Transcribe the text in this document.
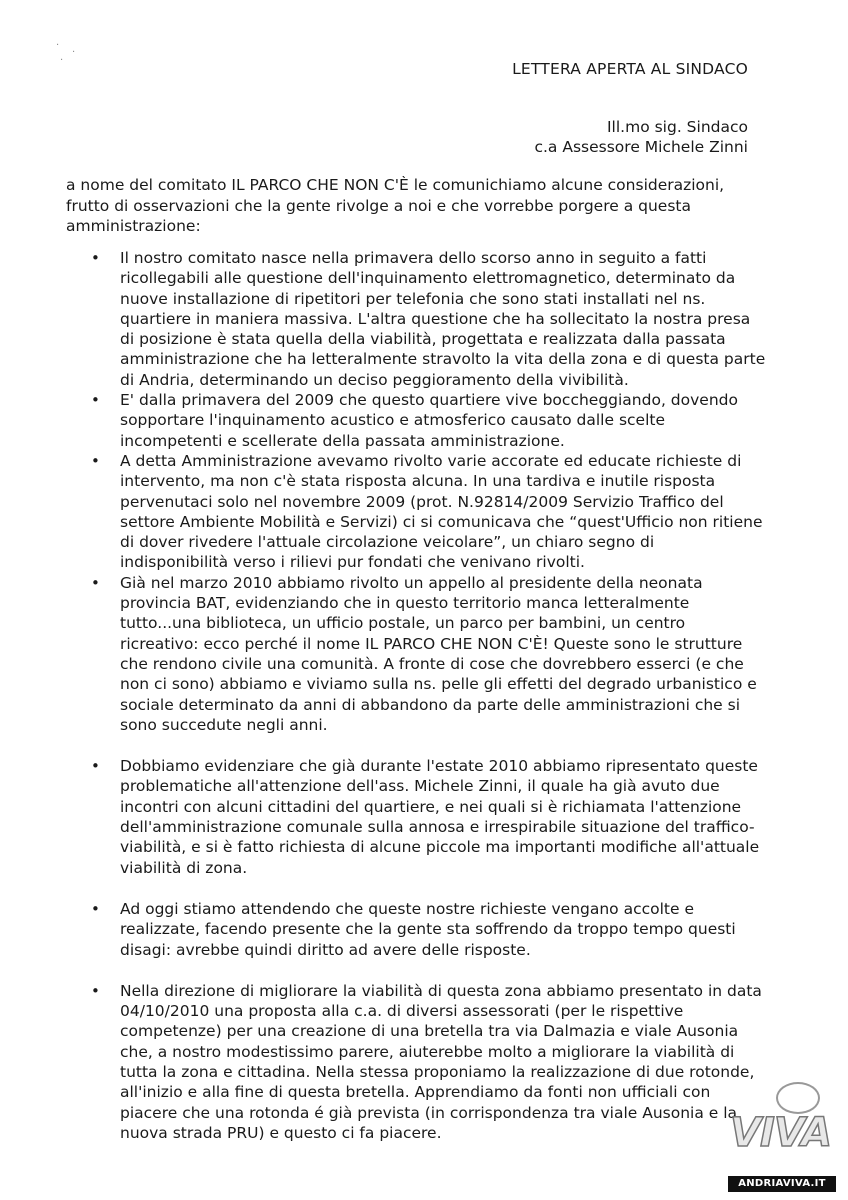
·
·
·	LETTERA APERTA AL SINDACO
Ill.mo sig. Sindaco
c.a Assessore Michele Zinni
a nome del comitato IL PARCO CHE NON C'È le comunichiamo alcune considerazioni, frutto di osservazioni che la gente rivolge a noi e che vorrebbe porgere a questa amministrazione:
• Il nostro comitato nasce nella primavera dello scorso anno in seguito a fatti ricollegabili alle questione dell'inquinamento elettromagnetico, determinato da nuove installazione di ripetitori per telefonia che sono stati installati nel ns. quartiere in maniera massiva. L'altra questione che ha sollecitato la nostra presa di posizione è stata quella della viabilità, progettata e realizzata dalla passata amministrazione che ha letteralmente stravolto la vita della zona e di questa parte di Andria, determinando un deciso peggioramento della vivibilità.
• E' dalla primavera del 2009 che questo quartiere vive boccheggiando, dovendo sopportare l'inquinamento acustico e atmosferico causato dalle scelte incompetenti e scellerate della passata amministrazione.
• A detta Amministrazione avevamo rivolto varie accorate ed educate richieste di intervento, ma non c'è stata risposta alcuna. In una tardiva e inutile risposta pervenutaci solo nel novembre 2009 (prot. N.92814/2009 Servizio Traffico del settore Ambiente Mobilità e Servizi) ci si comunicava che “quest'Ufficio non ritiene di dover rivedere l'attuale circolazione veicolare”, un chiaro segno di indisponibilità verso i rilievi pur fondati che venivano rivolti.
• Già nel marzo 2010 abbiamo rivolto un appello al presidente della neonata provincia BAT, evidenziando che in questo territorio manca letteralmente tutto...una biblioteca, un ufficio postale, un parco per bambini, un centro ricreativo: ecco perché il nome IL PARCO CHE NON C'È! Queste sono le strutture che rendono civile una comunità. A fronte di cose che dovrebbero esserci (e che non ci sono) abbiamo e viviamo sulla ns. pelle gli effetti del degrado urbanistico e sociale determinato da anni di abbandono da parte delle amministrazioni che si sono succedute negli anni.
• Dobbiamo evidenziare che già durante l'estate 2010 abbiamo ripresentato queste problematiche all'attenzione dell'ass. Michele Zinni, il quale ha già avuto due incontri con alcuni cittadini del quartiere, e nei quali si è richiamata l'attenzione dell'amministrazione comunale sulla annosa e irrespirabile situazione del traffico-viabilità, e si è fatto richiesta di alcune piccole ma importanti modifiche all'attuale viabilità di zona.
• Ad oggi stiamo attendendo che queste nostre richieste vengano accolte e realizzate, facendo presente che la gente sta soffrendo da troppo tempo questi disagi: avrebbe quindi diritto ad avere delle risposte.
• Nella direzione di migliorare la viabilità di questa zona abbiamo presentato in data 04/10/2010 una proposta alla c.a. di diversi assessorati (per le rispettive competenze) per una creazione di una bretella tra via Dalmazia e viale Ausonia che, a nostro modestissimo parere, aiuterebbe molto a migliorare la viabilità di tutta la zona e cittadina. Nella stessa proponiamo la realizzazione di due rotonde, all'inizio e alla fine di questa bretella. Apprendiamo da fonti non ufficiali con piacere che una rotonda é già prevista (in corrispondenza tra viale Ausonia e la nuova strada PRU) e questo ci fa piacere.	VIVA
ANDRIAVIVA.IT
